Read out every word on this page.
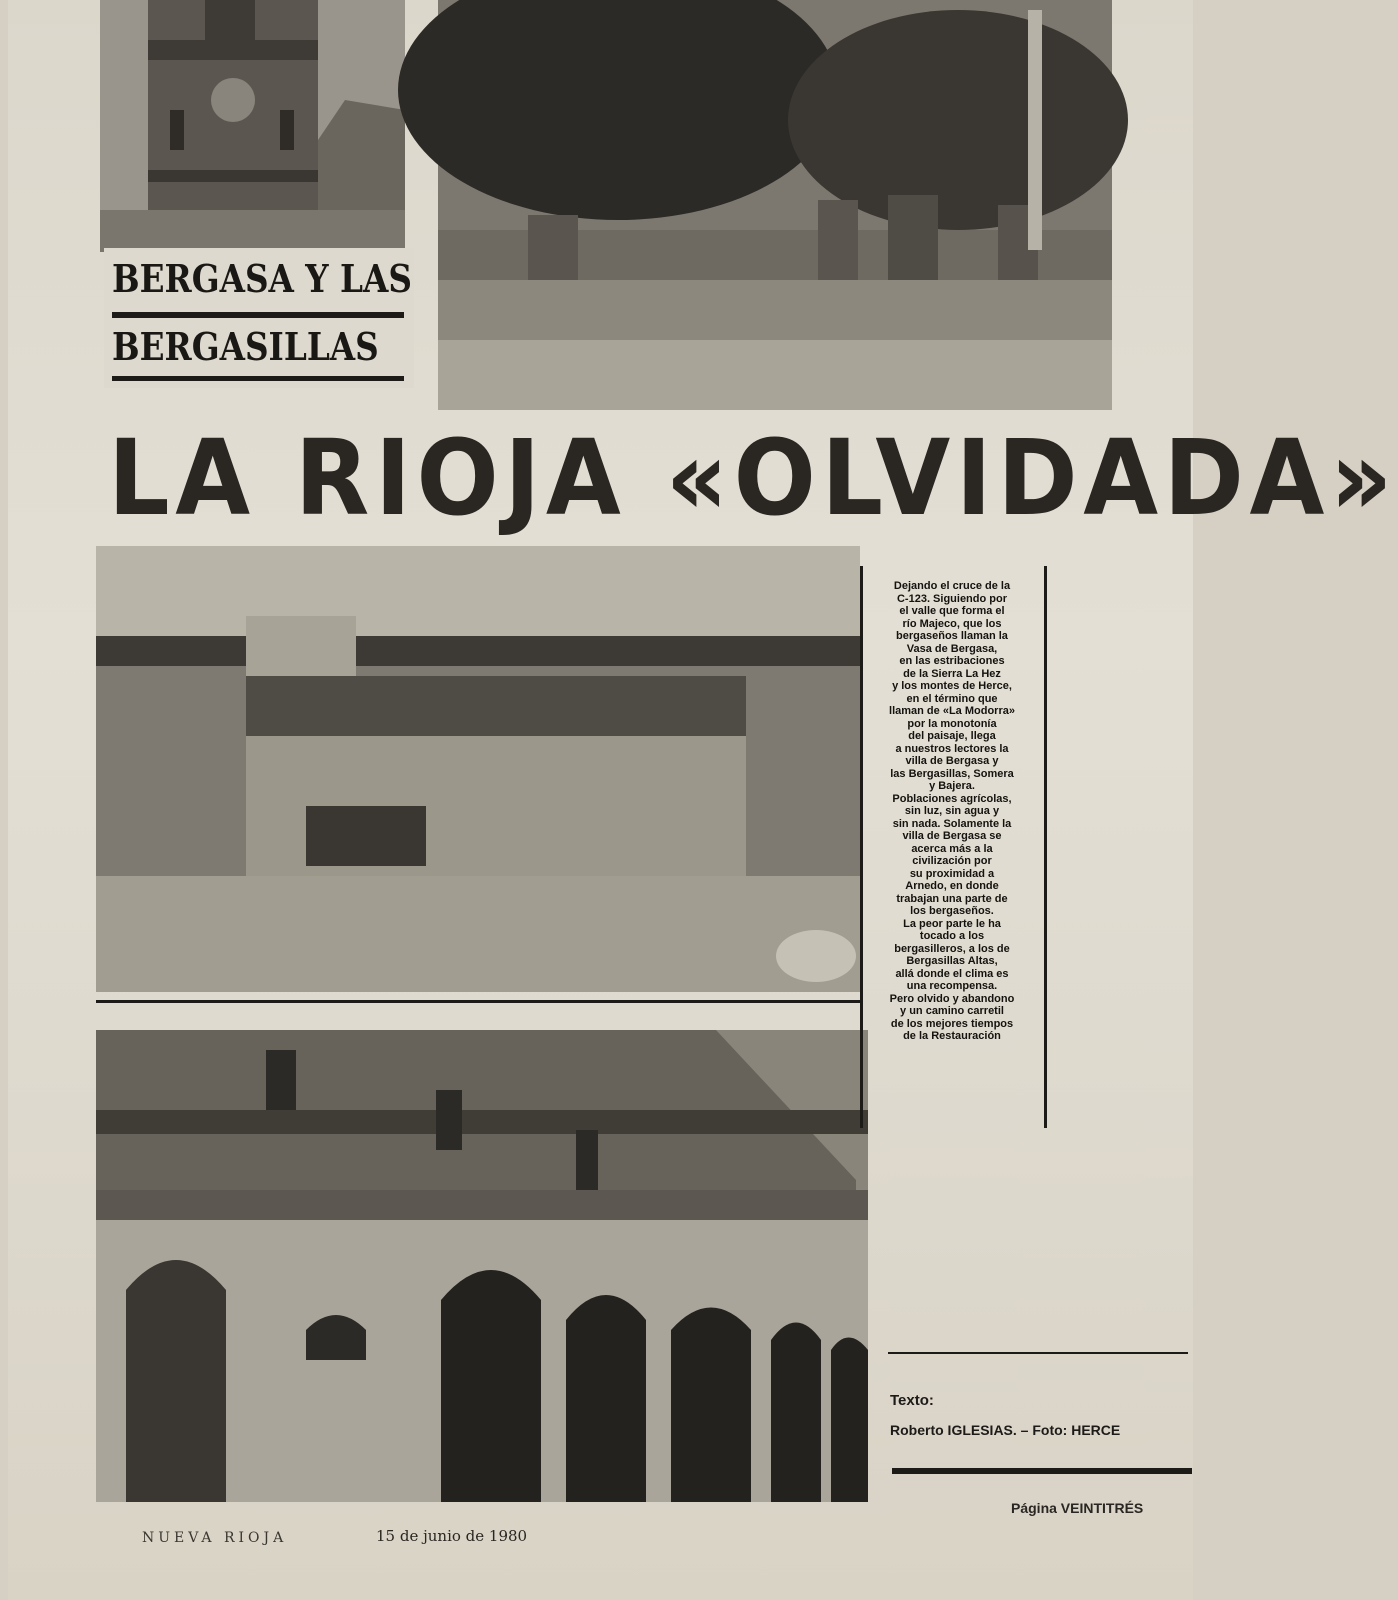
BERGASA Y LAS
BERGASILLAS
LA RIOJA «OLVIDADA»
Dejando el cruce de la
C-123. Siguiendo por
el valle que forma el
río Majeco, que los
bergaseños llaman la
Vasa de Bergasa,
en las estribaciones
de la Sierra La Hez
y los montes de Herce,
en el término que
llaman de «La Modorra»
por la monotonía
del paisaje, llega
a nuestros lectores la
villa de Bergasa y
las Bergasillas, Somera
y Bajera.
Poblaciones agrícolas,
sin luz, sin agua y
sin nada. Solamente la
villa de Bergasa se
acerca más a la
civilización por
su proximidad a
Arnedo, en donde
trabajan una parte de
los bergaseños.
La peor parte le ha
tocado a los
bergasilleros, a los de
Bergasillas Altas,
allá donde el clima es
una recompensa.
Pero olvido y abandono
y un camino carretil
de los mejores tiempos
de la Restauración
Texto:
Roberto IGLESIAS. – Foto: HERCE
NUEVA RIOJA	15 de junio de 1980
Página VEINTITRÉS
